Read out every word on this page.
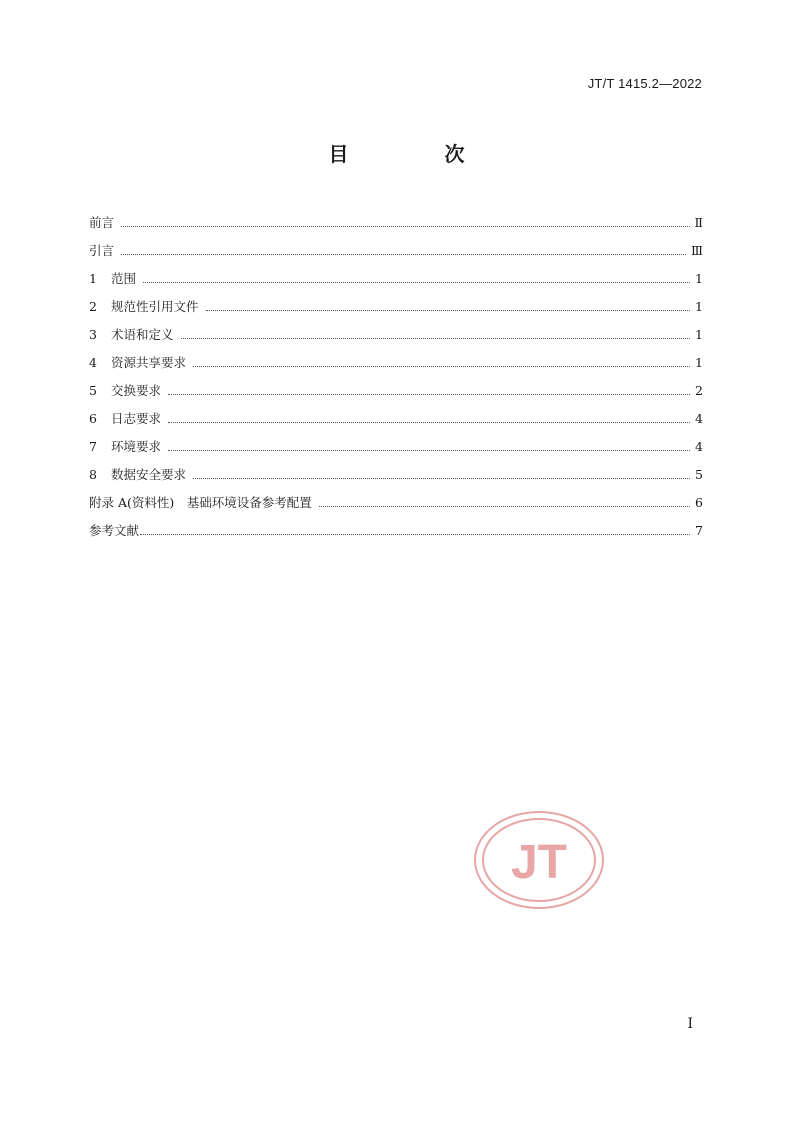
JT/T 1415.2—2022
目　次
前言	Ⅱ
引言	Ⅲ
1	范围	1
2	规范性引用文件	1
3	术语和定义	1
4	资源共享要求	1
5	交换要求	2
6	日志要求	4
7	环境要求	4
8	数据安全要求	5
附录 A(资料性)　基础环境设备参考配置	6
参考文献	7
JT
I
